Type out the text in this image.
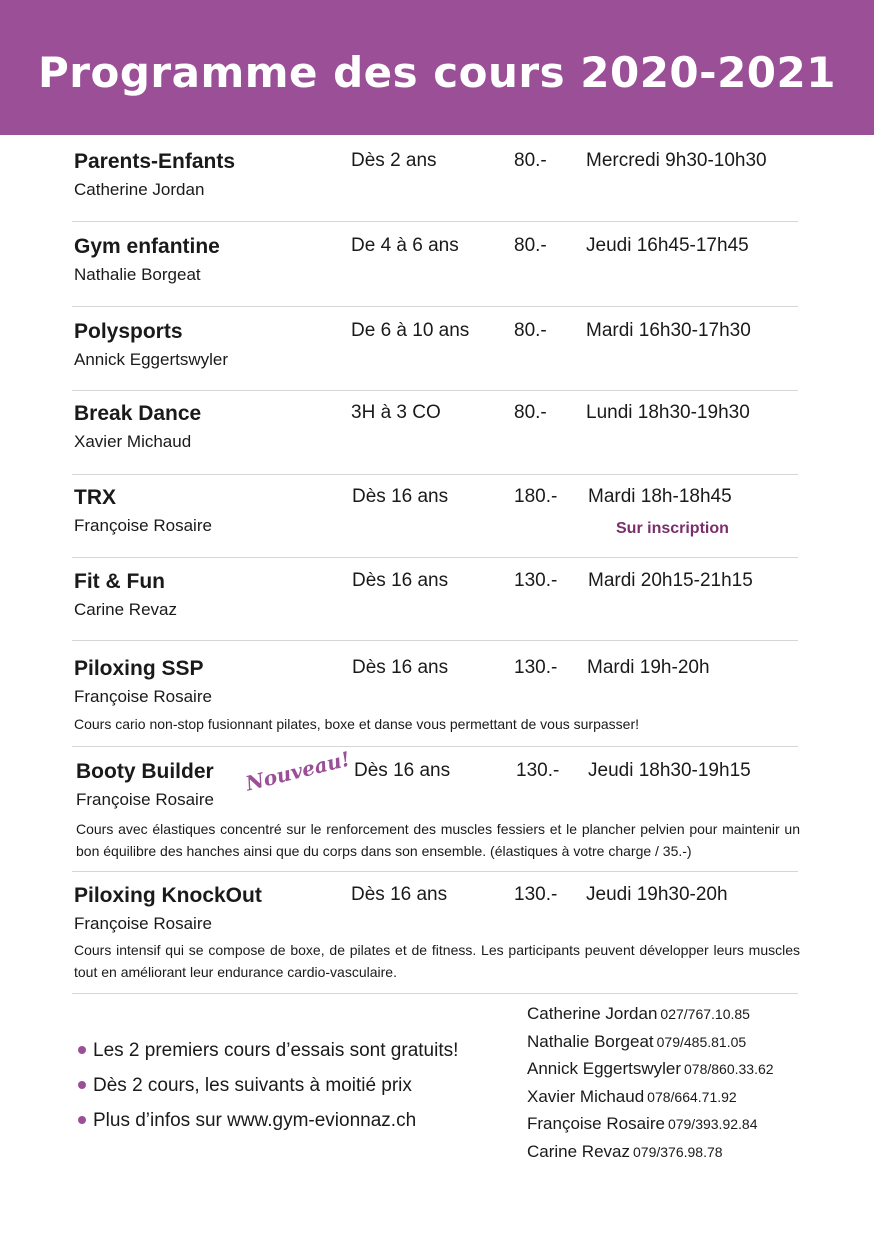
Programme des cours 2020-2021
Parents-Enfants
Catherine Jordan
Dès 2 ans	80.- Mercredi 9h30-10h30
Gym enfantine
Nathalie Borgeat
De 4 à 6 ans	80.- Jeudi 16h45-17h45
Polysports
Annick Eggertswyler
De 6 à 10 ans 80.- Mardi 16h30-17h30
Break Dance
Xavier Michaud
3H à 3 CO	80.- Lundi 18h30-19h30
TRX
Françoise Rosaire
Dès 16 ans	180.- Mardi 18h-18h45
Sur inscription
Fit & Fun
Carine Revaz
Dès 16 ans	130.- Mardi 20h15-21h15
Piloxing SSP
Françoise Rosaire
Dès 16 ans	130.- Mardi 19h-20h
Cours cario non-stop fusionnant pilates, boxe et danse vous permettant de vous surpasser!
Booty Builder
Françoise Rosaire
Dès 16 ans	130.- Jeudi 18h30-19h15
Cours avec élastiques concentré sur le renforcement des muscles fessiers et le plancher pelvien pour maintenir un bon équilibre des hanches ainsi que du corps dans son ensemble. (élastiques à votre charge / 35.-)
Nouveau!
Piloxing KnockOut
Françoise Rosaire
Dès 16 ans	130.- Jeudi 19h30-20h
Cours intensif qui se compose de boxe, de pilates et de fitness. Les participants peuvent développer leurs muscles tout en améliorant leur endurance cardio-vasculaire.
Les 2 premiers cours d’essais sont gratuits!
Dès 2 cours, les suivants à moitié prix
Plus d’infos sur www.gym-evionnaz.ch
Catherine Jordan 027/767.10.85
Nathalie Borgeat 079/485.81.05
Annick Eggertswyler 078/860.33.62
Xavier Michaud 078/664.71.92
Françoise Rosaire 079/393.92.84
Carine Revaz 079/376.98.78
